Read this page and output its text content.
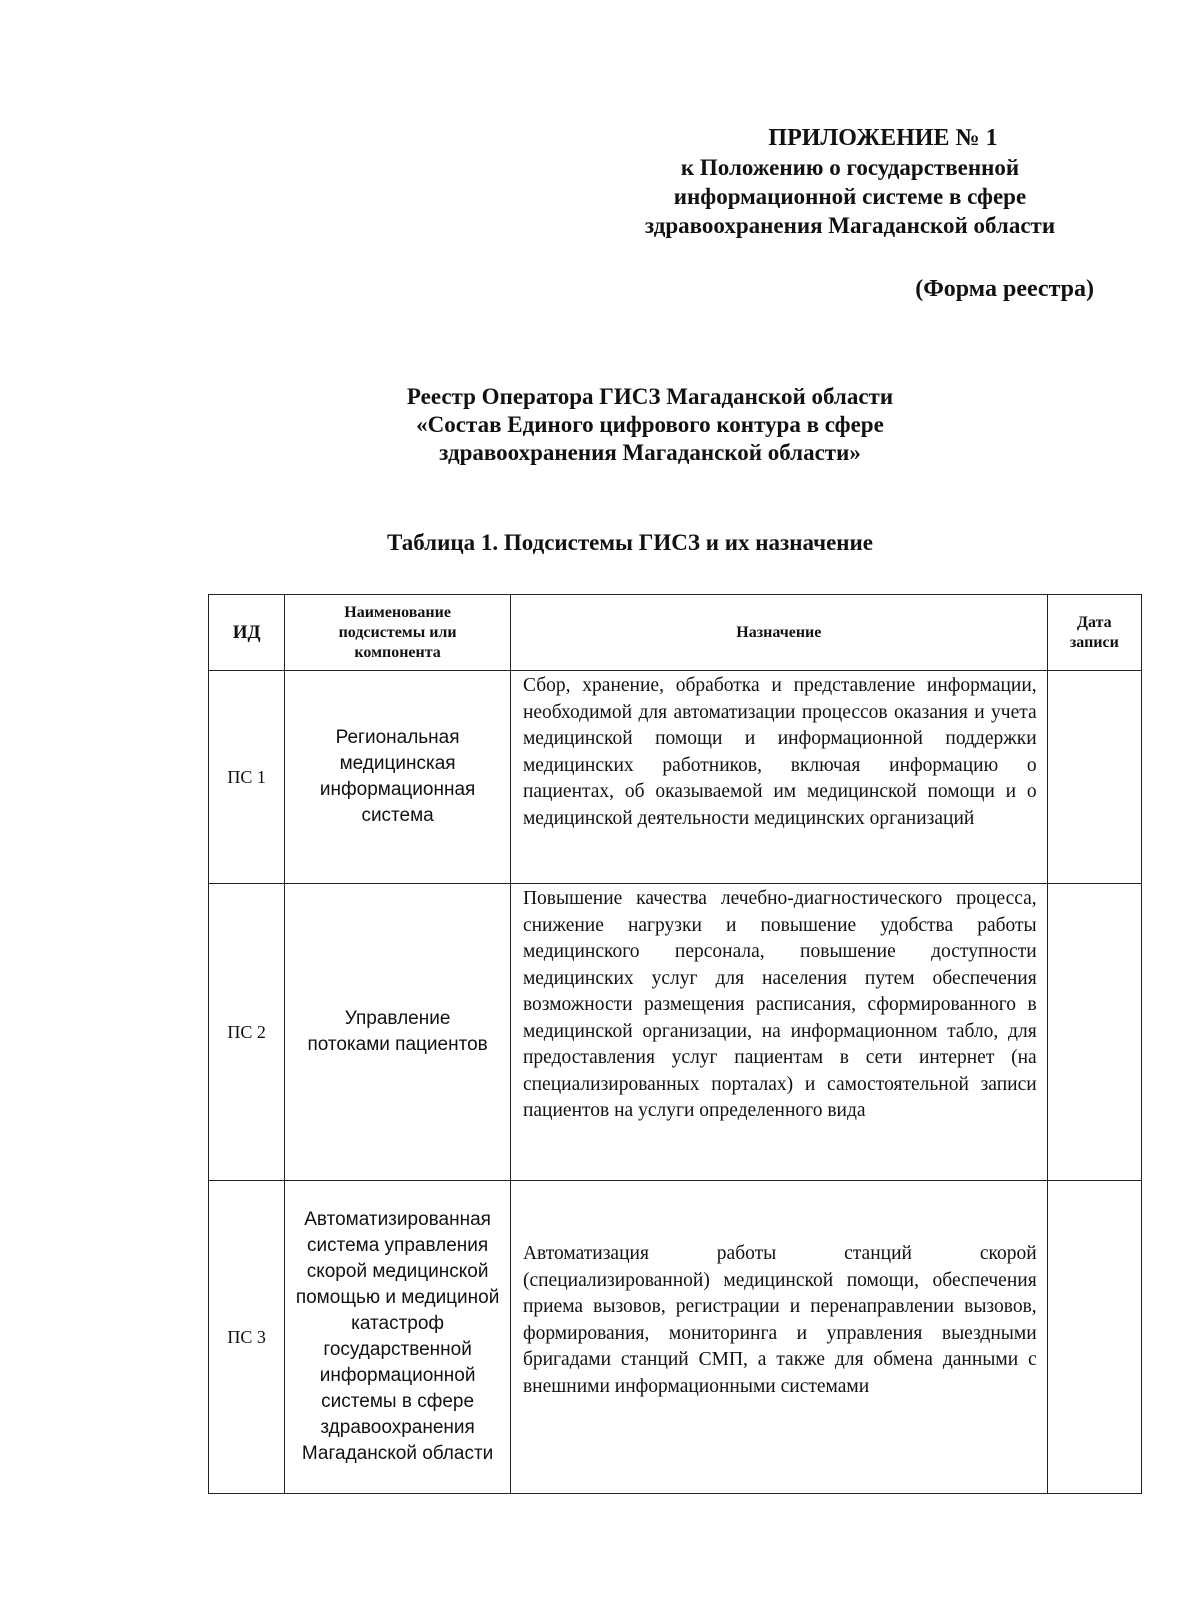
ПРИЛОЖЕНИЕ № 1
к Положению о государственной
информационной системе в сфере
здравоохранения Магаданской области
(Форма реестра)
Реестр Оператора ГИСЗ Магаданской области
«Состав Единого цифрового контура в сфере
здравоохранения Магаданской области»
Таблица 1. Подсистемы ГИСЗ и их назначение
ИД	Наименование подсистемы или компонента	Назначение	Дата записи
ПС 1	Региональная медицинская информационная система	Сбор, хранение, обработка и представление информации, необходимой для автоматизации процессов оказания и учета медицинской помощи и информационной поддержки медицинских работников, включая информацию о пациентах, об оказываемой им медицинской помощи и о медицинской деятельности медицинских организаций	
ПС 2	Управление потоками пациентов	Повышение качества лечебно-диагностического процесса, снижение нагрузки и повышение удобства работы медицинского персонала, повышение доступности медицинских услуг для населения путем обеспечения возможности размещения расписания, сформированного в медицинской организации, на информационном табло, для предоставления услуг пациентам в сети интернет (на специализированных порталах) и самостоятельной записи пациентов на услуги определенного вида	
ПС 3	Автоматизированная система управления скорой медицинской помощью и медициной катастроф государственной информационной системы в сфере здравоохранения Магаданской области	Автоматизация работы станций скорой (специализированной) медицинской помощи, обеспечения приема вызовов, регистрации и перенаправлении вызовов, формирования, мониторинга и управления выездными бригадами станций СМП, а также для обмена данными с внешними информационными системами	
